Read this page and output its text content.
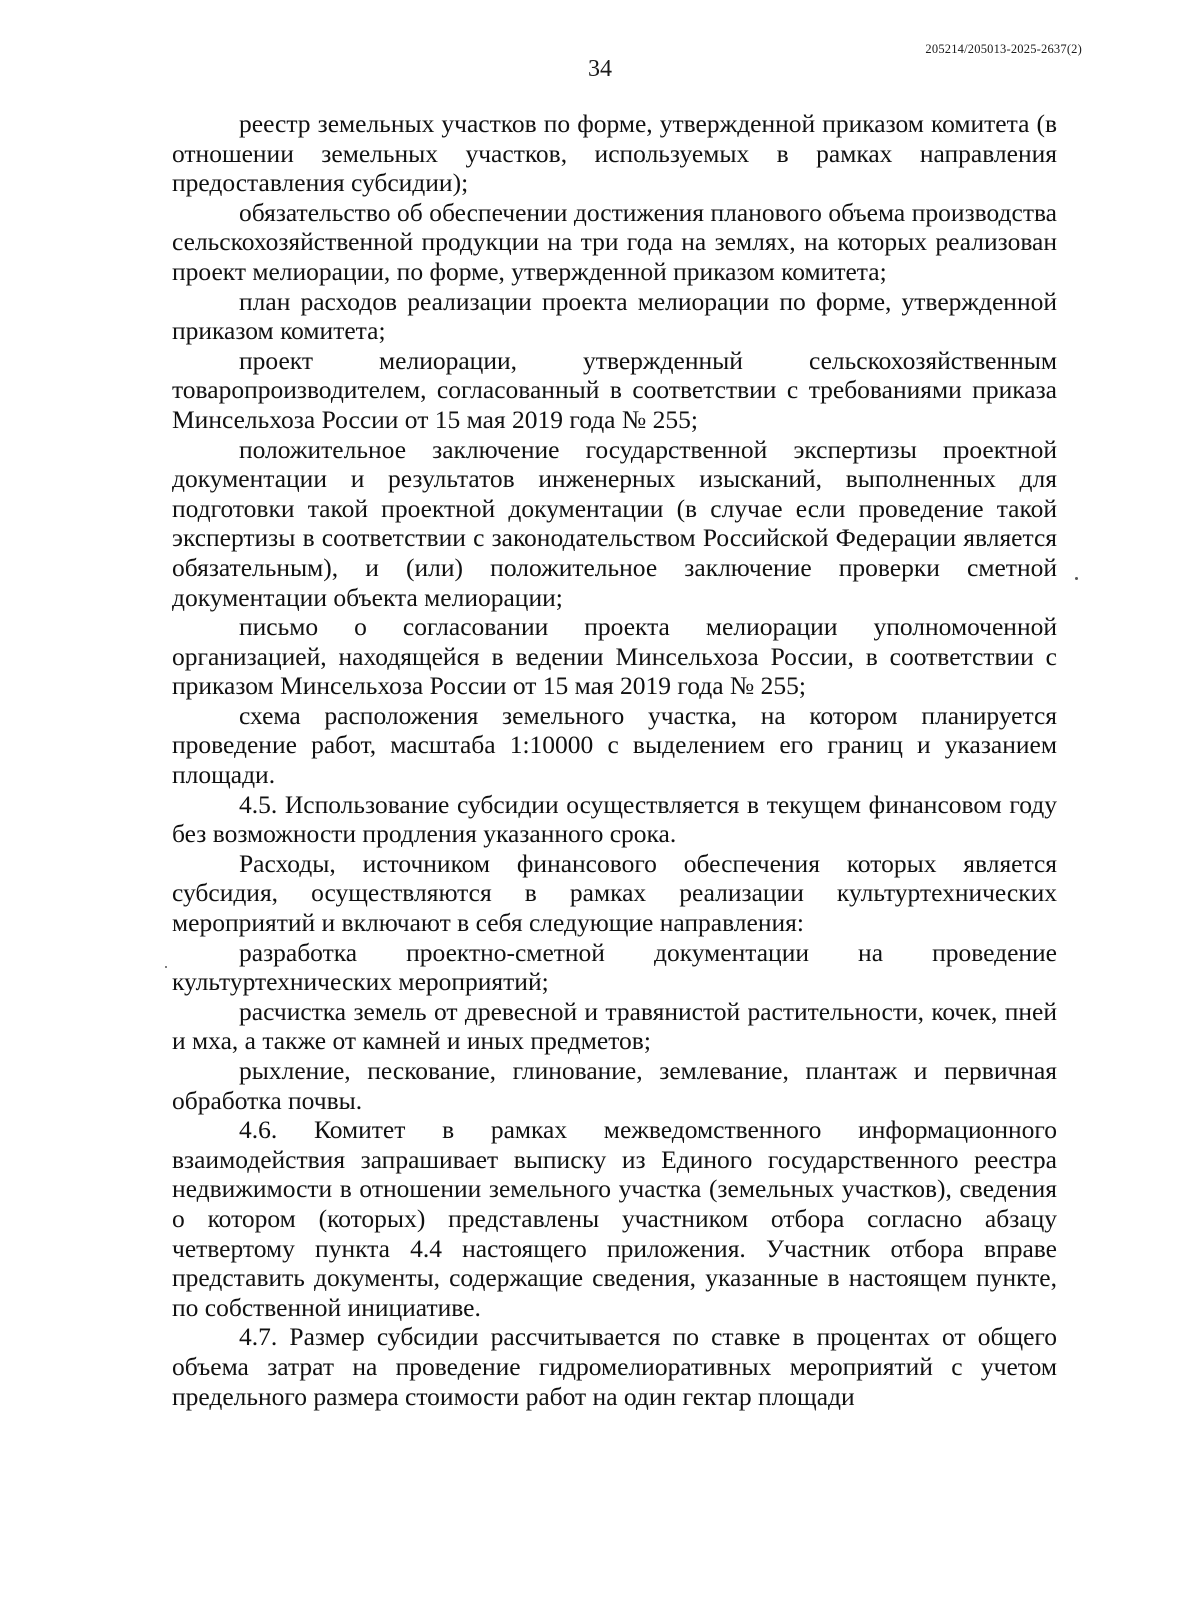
205214/205013-2025-2637(2)
34

реестр земельных участков по форме, утвержденной приказом комитета (в отношении земельных участков, используемых в рамках направления предоставления субсидии);

обязательство об обеспечении достижения планового объема производства сельскохозяйственной продукции на три года на землях, на которых реализован проект мелиорации, по форме, утвержденной приказом комитета;

план расходов реализации проекта мелиорации по форме, утвержденной приказом комитета;

проект мелиорации, утвержденный сельскохозяйственным товаропроизводителем, согласованный в соответствии с требованиями приказа Минсельхоза России от 15 мая 2019 года № 255;

положительное заключение государственной экспертизы проектной документации и результатов инженерных изысканий, выполненных для подготовки такой проектной документации (в случае если проведение такой экспертизы в соответствии с законодательством Российской Федерации является обязательным), и (или) положительное заключение проверки сметной документации объекта мелиорации;

письмо о согласовании проекта мелиорации уполномоченной организацией, находящейся в ведении Минсельхоза России, в соответствии с приказом Минсельхоза России от 15 мая 2019 года № 255;

схема расположения земельного участка, на котором планируется проведение работ, масштаба 1:10000 с выделением его границ и указанием площади.

4.5. Использование субсидии осуществляется в текущем финансовом году без возможности продления указанного срока.

Расходы, источником финансового обеспечения которых является субсидия, осуществляются в рамках реализации культуртехнических мероприятий и включают в себя следующие направления:

разработка проектно-сметной документации на проведение культуртехнических мероприятий;

расчистка земель от древесной и травянистой растительности, кочек, пней и мха, а также от камней и иных предметов;

рыхление, пескование, глинование, землевание, плантаж и первичная обработка почвы.

4.6. Комитет в рамках межведомственного информационного взаимодействия запрашивает выписку из Единого государственного реестра недвижимости в отношении земельного участка (земельных участков), сведения о котором (которых) представлены участником отбора согласно абзацу четвертому пункта 4.4 настоящего приложения. Участник отбора вправе представить документы, содержащие сведения, указанные в настоящем пункте, по собственной инициативе.

4.7. Размер субсидии рассчитывается по ставке в процентах от общего объема затрат на проведение гидромелиоративных мероприятий с учетом предельного размера стоимости работ на один гектар площади
